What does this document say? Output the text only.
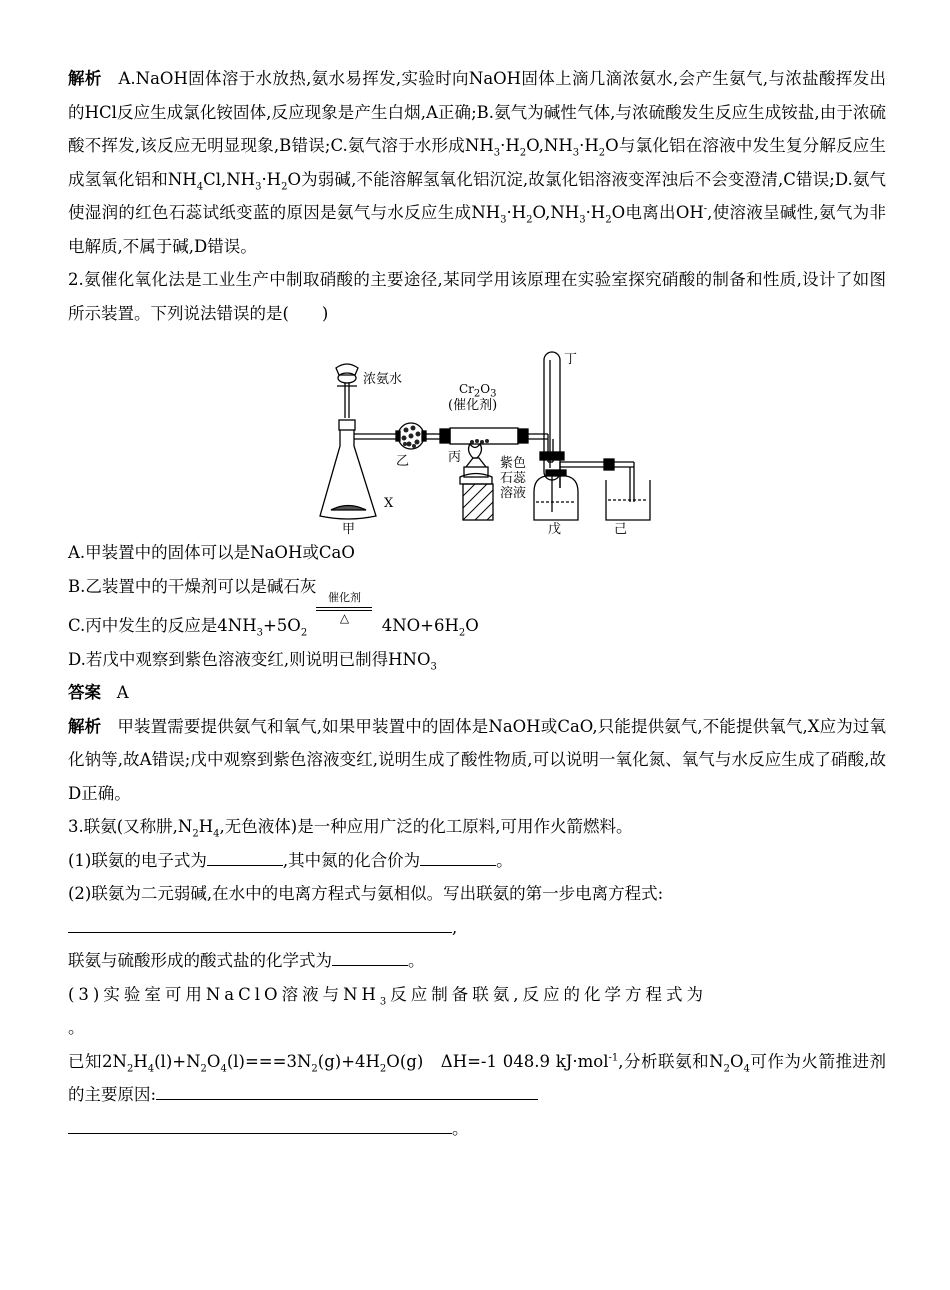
解析 A.NaOH固体溶于水放热,氨水易挥发,实验时向NaOH固体上滴几滴浓氨水,会产生氨气,与浓盐酸挥发出的HCl反应生成氯化铵固体,反应现象是产生白烟,A正确;B.氨气为碱性气体,与浓硫酸发生反应生成铵盐,由于浓硫酸不挥发,该反应无明显现象,B错误;C.氨气溶于水形成$NH_3\cdot H_2O,NH_3\cdot H_2O$与氯化铝在溶液中发生复分解反应生成氢氧化铝和$NH_4Cl,NH_3\cdot H_2O$为弱碱,不能溶解氢氧化铝沉淀,故氯化铝溶液变浑浊后不会变澄清,C错误;D.氨气使湿润的红色石蕊试纸变蓝的原因是氨气与水反应生成$NH_3\cdot H_2O,NH_3\cdot H_2O$电离出OH-,使溶液呈碱性,氨气为非电解质,不属于碱,D错误。

2.氨催化氧化法是工业生产中制取硝酸的主要途径,某同学用该原理在实验室探究硝酸的制备和性质,设计了如图所示装置。下列说法错误的是(　　)

浓氨水
$Cr_2O_3$
(催化剂)
丁
乙	丙	紫色
石蕊
溶液
X
甲	戊	己

A.甲装置中的固体可以是NaOH或CaO

B.乙装置中的干燥剂可以是碱石灰

C.丙中发生的反应是$4NH_3+5O_2$
催化剂
△	$4NO+6H_2O$

D.若戊中观察到紫色溶液变红,则说明已制得$HNO_3$

答案 A

解析 甲装置需要提供氨气和氧气,如果甲装置中的固体是NaOH或CaO,只能提供氨气,不能提供氧气,X应为过氧化钠等,故A错误;戊中观察到紫色溶液变红,说明生成了酸性物质,可以说明一氧化氮、氧气与水反应生成了硝酸,故D正确。

3.联氨(又称肼$,N_2H_4$,无色液体)是一种应用广泛的化工原料,可用作火箭燃料。

(1)联氨的电子式为	,其中氮的化合价为	。

(2)联氨为二元弱碱,在水中的电离方程式与氨相似。写出联氨的第一步电离方程式:

,

联氨与硫酸形成的酸式盐的化学式为	。

(3)实验室可用NaClO溶液与$NH_3$反应制备联氨,反应的化学方程式为

。

已知$2N_2H_4(l)+N_2O_4(l)===3N_2(g)+4H_2O(g)$　ΔH=-1 048.9 kJ·mol$^{-1}$,分析联氨和$N_2O_4$可作为火箭推进剂的主要原因:

。
